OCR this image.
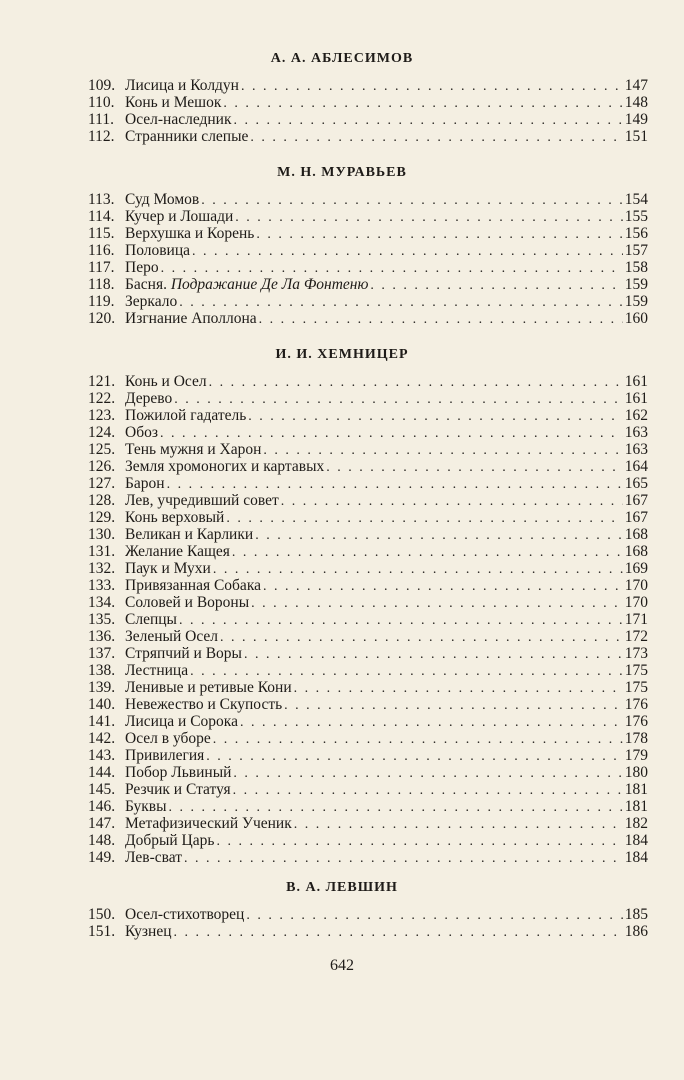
А. А. АБЛЕСИМОВ
109. Лисица и Колдун . . .	147
110. Конь и Мешок . . .	148
111. Осел-наследник . . .	149
112. Странники слепые . . .	151
М. Н. МУРАВЬЕВ
113. Суд Момов . . .	154
114. Кучер и Лошади . . .	155
115. Верхушка и Корень . . .	156
116. Половица . . .	157
117. Перо . . .	158
118. Басня. Подражание Де Ла Фонтеню . . .	159
119. Зеркало . . .	159
120. Изгнание Аполлона . . .	160
И. И. ХЕМНИЦЕР
121. Конь и Осел . . .	161
122. Дерево . . .	161
123. Пожилой гадатель . . .	162
124. Обоз . . .	163
125. Тень мужня и Харон . . .	163
126. Земля хромоногих и картавых . . .	164
127. Барон . . .	165
128. Лев, учредивший совет . . .	167
129. Конь верховый . . .	167
130. Великан и Карлики . . .	168
131. Желание Кащея . . .	168
132. Паук и Мухи . . .	169
133. Привязанная Собака . . .	170
134. Соловей и Вороны . . .	170
135. Слепцы . . .	171
136. Зеленый Осел . . .	172
137. Стряпчий и Воры . . .	173
138. Лестница . . .	175
139. Ленивые и ретивые Кони . . .	175
140. Невежество и Скупость . . .	176
141. Лисица и Сорока . . .	176
142. Осел в уборе . . .	178
143. Привилегия . . .	179
144. Побор Львиный . . .	180
145. Резчик и Статуя . . .	181
146. Буквы . . .	181
147. Метафизический Ученик . . .	182
148. Добрый Царь . . .	184
149. Лев-сват . . .	184
В. А. ЛЕВШИН
150. Осел-стихотворец . . .	185
151. Кузнец . . .	186
642
